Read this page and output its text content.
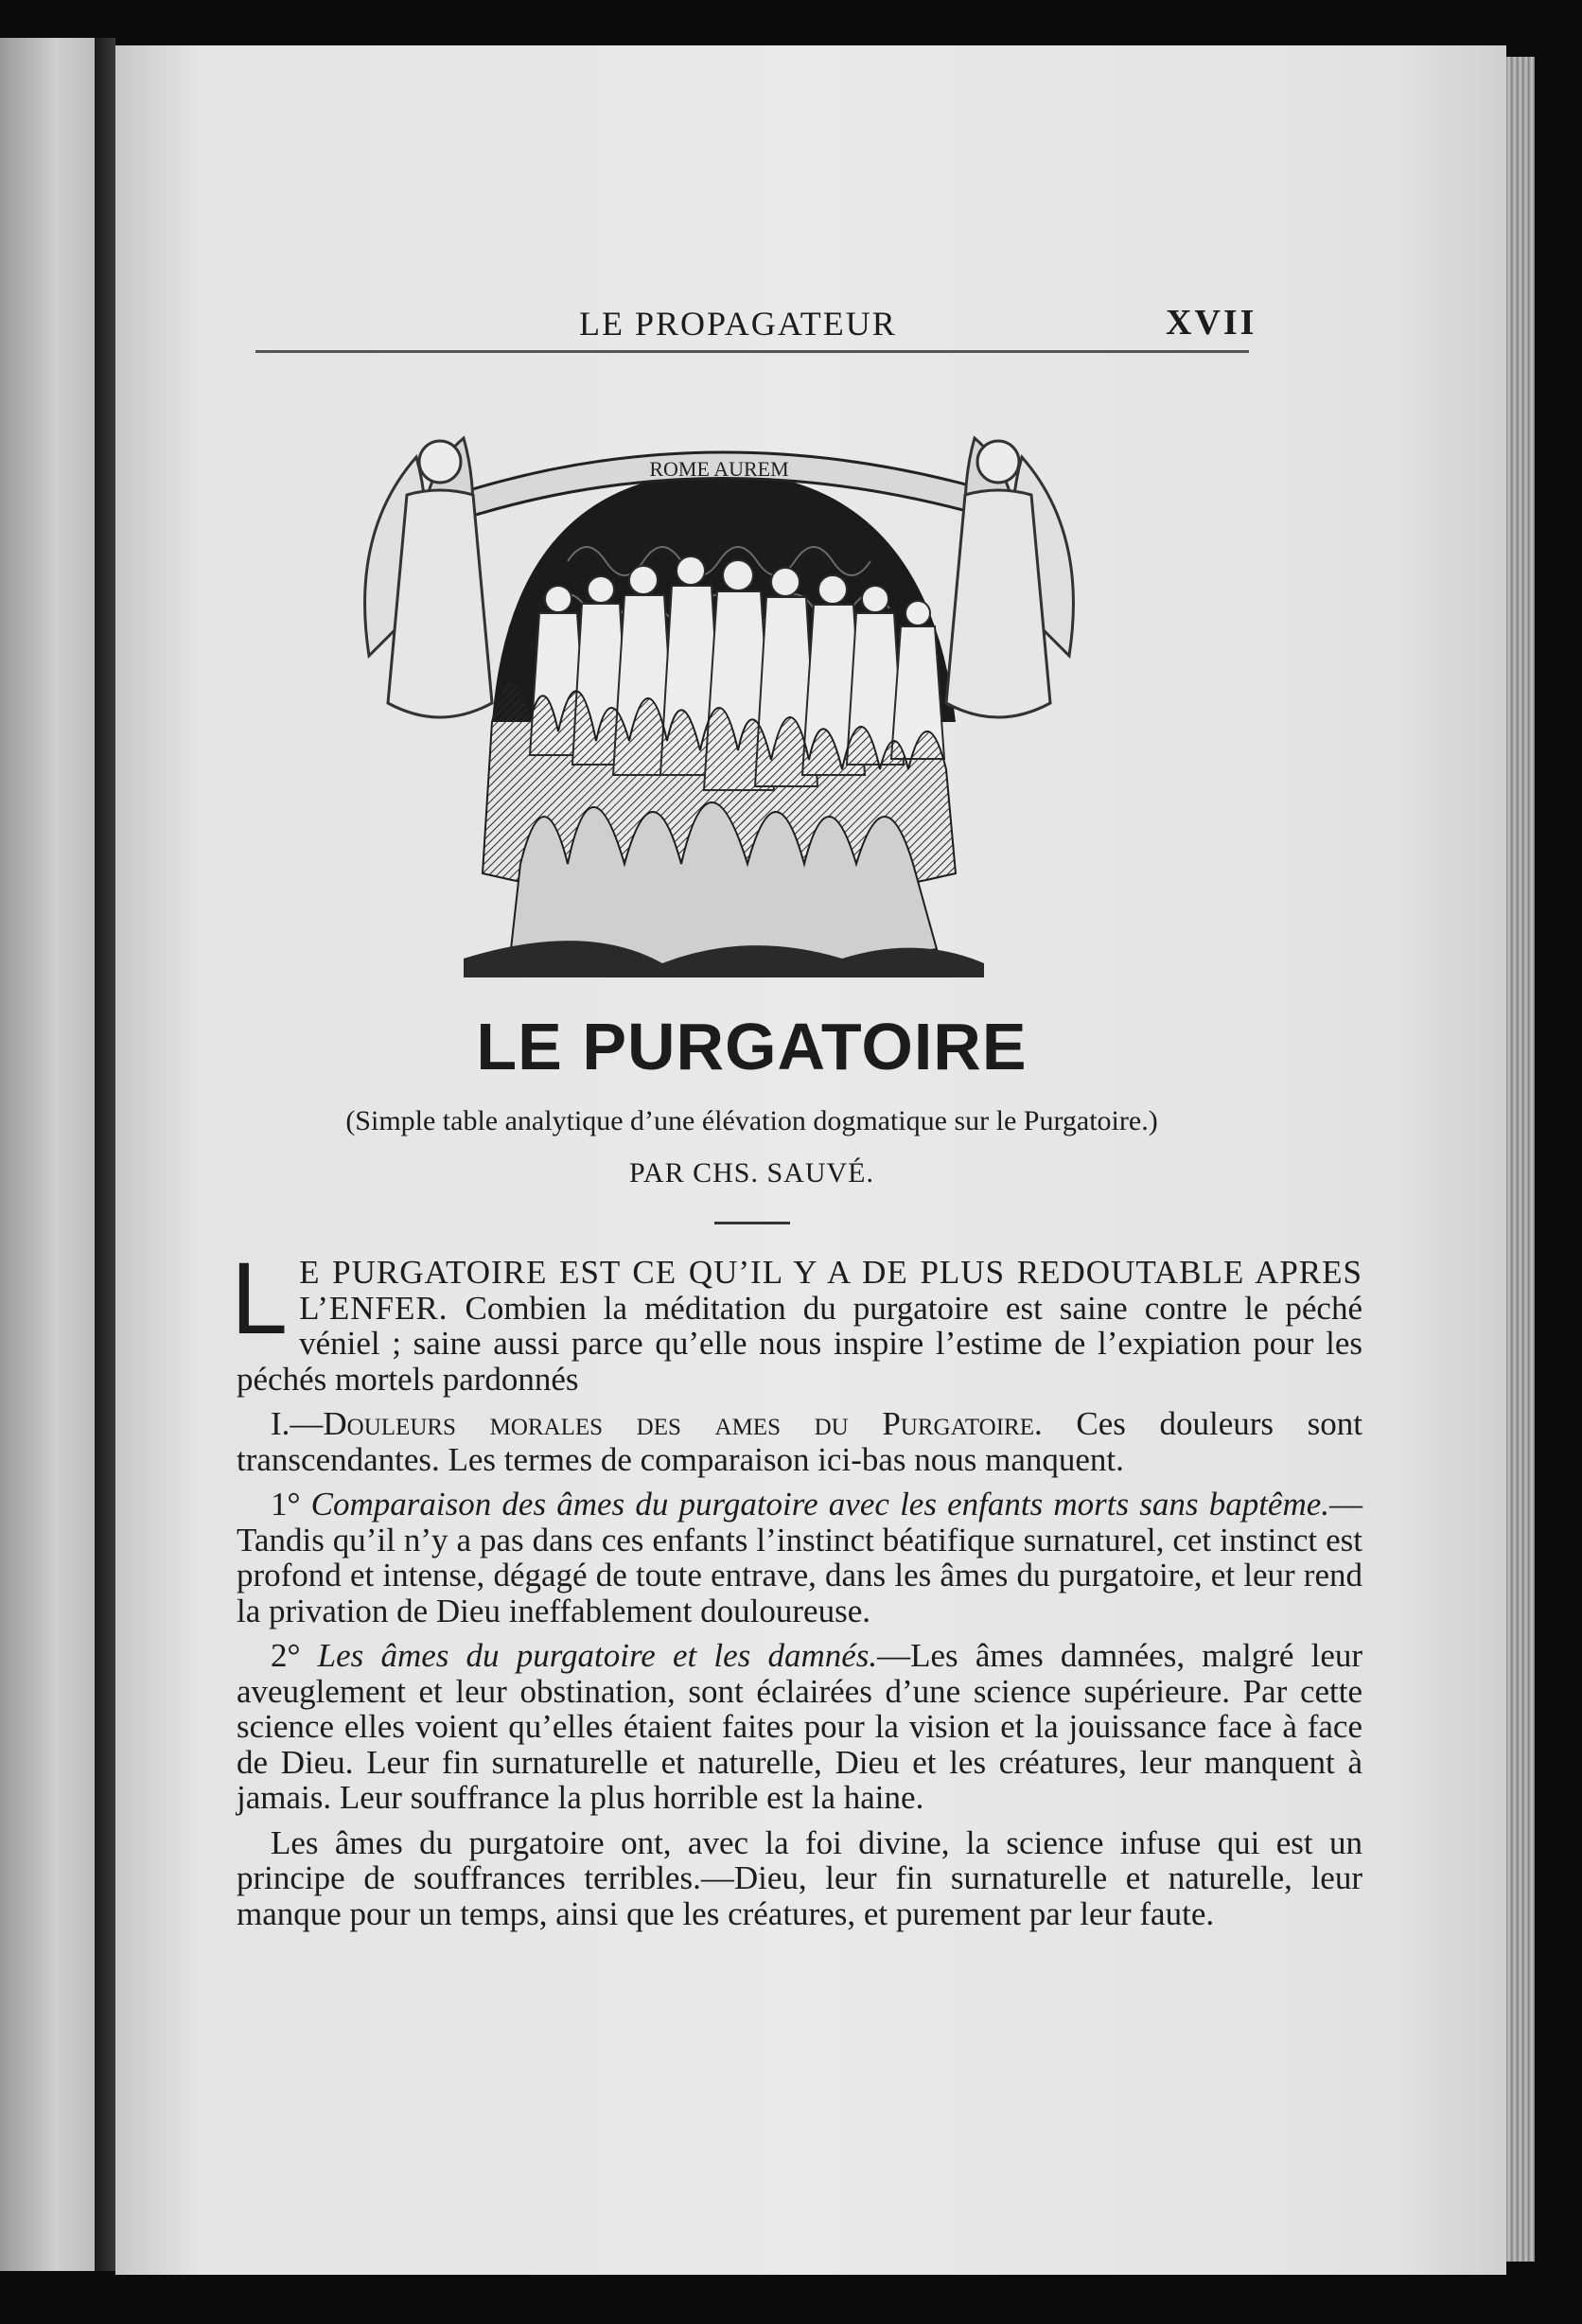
LE PROPAGATEUR	XVII
ROME AUREM
LE PURGATOIRE
(Simple table analytique d’une élévation dogmatique sur le Purgatoire.)
PAR CHS. SAUVÉ.

L E PURGATOIRE EST CE QU’IL Y A DE PLUS REDOUTABLE APRES L’ENFER. Combien la méditation du purgatoire est saine contre le péché véniel ; saine aussi parce qu’elle nous inspire l’estime de l’expiation pour les péchés mortels pardonnés

I.—Douleurs morales des ames du Purgatoire. Ces douleurs sont transcendantes. Les termes de comparaison ici-bas nous manquent.

1° Comparaison des âmes du purgatoire avec les enfants morts sans baptême.—Tandis qu’il n’y a pas dans ces enfants l’instinct béatifique surnaturel, cet instinct est profond et intense, dégagé de toute entrave, dans les âmes du purgatoire, et leur rend la privation de Dieu ineffablement douloureuse.

2° Les âmes du purgatoire et les damnés.—Les âmes damnées, malgré leur aveuglement et leur obstination, sont éclairées d’une science supérieure. Par cette science elles voient qu’elles étaient faites pour la vision et la jouissance face à face de Dieu. Leur fin surnaturelle et naturelle, Dieu et les créatures, leur manquent à jamais. Leur souffrance la plus horrible est la haine.

Les âmes du purgatoire ont, avec la foi divine, la science infuse qui est un principe de souffrances terribles.—Dieu, leur fin surnaturelle et naturelle, leur manque pour un temps, ainsi que les créatures, et purement par leur faute.
